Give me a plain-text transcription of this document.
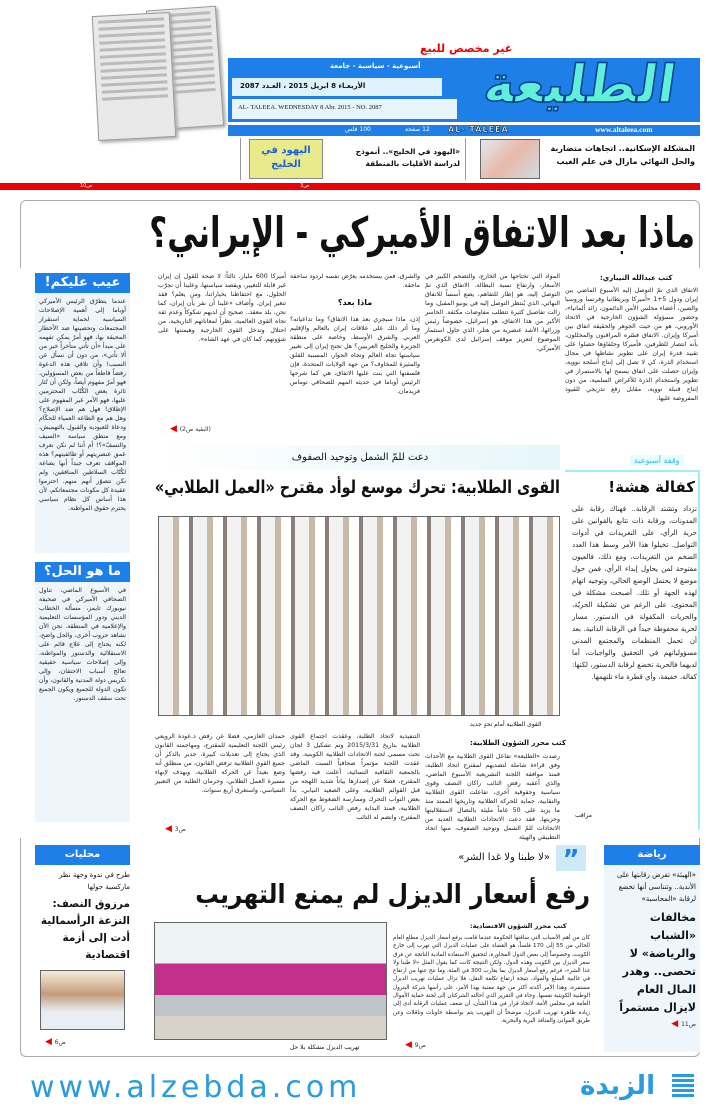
غير مخصص للبيع
أسبوعية - سياسية - جامعة
الأربعـاء 8 ابريل 2015 ، العـدد 2087
AL- TALEEA. WEDNESDAY 8 Abr. 2015 - NO. 2087	الطليعة
100 فلس	12 صفحة AL- TALEEA	www.altaleea.com
المشكلة الإسكانية.. اتجاهات متضاربة والحل النهائي مازال في علم الغيب
«اليهود في الخليج».. أنموذج لدراسة الأقليات بالمنطقة
اليهود في الخليج
ص3
ص10
ماذا بعد الاتفاق الأميركي - الإيراني؟
كتب عبدالله النيباري:
الاتفاق الذي تمّ التوصل إليه الأسبوع الماضي بين إيران ودول 5+1 «أميركا وبريطانيا وفرنسا وروسيا والصين، أعضاء مجلس الأمن الدائمون، زائد ألمانيا»، وحضور مسؤولة الشؤون الخارجية في الاتحاد الأوروبي، هو من حيث الجوهر والحقيقة اتفاق بين أميركا وإيران. الاتفاق فسّره المراقبون والمحللون، بأنه انتصار للطرفين، فأميركا وحلفاؤها حصلوا على تقييد قدرة إيران على تطوير نشاطها في مجال استخدام الذرة، كي لا تصل إلى إنتاج أسلحة نووية، وإيران حصلت على اتفاق يسمح لها بالاستمرار في تطوير واستخدام الذرة للأغراض السلمية، من دون إنتاج قنبلة نووية، مقابل رفع تدريجي للقيود المفروضة عليها.
المواد التي تحتاجها من الخارج، والتضخم الكبير في الأسعار، وارتفاع نسبة البطالة. الاتفاق الذي تمّ التوصل إليه، هو إطار للتفاهم، يضع أسساً للاتفاق النهائي، الذي يُنتظر التوصل إليه في يونيو المقبل، وما زالت تفاصيل كثيرة تتطلب مفاوضات مكثفة. الخاسر الأكبر من هذا الاتفاق، هو إسرائيل، خصوصاً رئيس وزرائها، الأشد عنصرية من هتلر، الذي حاول استثمار الموضوع لتعزيز موقف إسرائيل لدى الكونغرس الأميركي.
والشرق، فمن يستخدمه يعرّض نفسه لردود ساحقة ماحقة.
ماذا بعد؟
إذن، ماذا سيجري بعد هذا الاتفاق؟ وما تداعياته؟ وما أثر ذلك على علاقات إيران بالعالم والإقليم العربي والشرق الأوسط، وخاصة على منطقة الجزيرة والخليج العربيين؟ هل تجنح إيران إلى تغيير سياستها تجاه العالم وتجاه الجوار، المسببة للقلق والمثيرة للمخاوف؟ من جهة الولايات المتحدة، فإن فلسفتها التي بنت عليها الاتفاق، هي كما شرحها الرئيس أوباما في حديثه المهم للصحافي توماس فريدمان.
أميركا 600 مليار. ثالثاً: لا صحة للقول إن إيران غير قابلة للتغيير، ويقصد سياستها، وعلينا أن نجرّب الحلول، مع احتفاظنا بخياراتنا، ومن يعلم؟ فقد تتغير إيران. وأضاف «علينا أن نقر بأن إيران، كما نحن، بلد معقد.. صحيح أن لديهم شكوكاً وعدم ثقة تجاه القوى العالمية، نظراً لمعاناتهم التاريخية، من احتلال وتدخل القوى الخارجية وهيمنتها على شؤونهم، كما كان في عهد الشاه».
(البقية ص2) ◀
عيب عليكم!
عندما يتطرّق الرئيس الأميركي أوباما إلى أهمية الإصلاحات السياسية لحماية استقرار المجتمعات وتحصينها ضد الأخطار المحيقة بها، فهو أمرٌ يمكن تفهمه على مبدأ «أن تأتي متأخراً خير من ألا تأتي»، من دون أن نسأل عن السبب! وأن تلاقي هذه الدعوة رفضاً قاطعاً من بعض المسؤولين، فهو أمرٌ مفهوم أيضاً، ولكن أن تُثار ثائرة بعض الكُتّاب المحترمين عليها، فهو الأمر غير المفهوم على الإطلاق! فهل هم ضد الإصلاح؟ وهل هم مع الطاعة العمياء للحكّام ودعاة للعبودية والقبول بالتهميش، ومع منطق سياسة «السيف والتسفّ»؟! أم أننا لم نكن نعرف عمق عنصريتهم أو طائفيتهم؟ هذه المواقف تعرف جيداً أنها بضاعة لكُتّاب السلاطين المنافقين، ولم نكن نتصوّر أنهم منهم. احترموا عقيدة كل مكونات مجتمعاتكم، لأن هذا أساس كل نظام سياسي يحترم حقوق المواطنة.
ما هو الحل؟
في الأسبوع الماضي، تناول الصحافي الأميركي في صحيفة نيويورك تايمز، مسألة الخطاب الديني ودور المؤسسات التعليمية والإعلامية في المنطقة. نحن الآن نشاهد حروب أخرى، والحل واضح، لكنه يحتاج إلى علاج قائم على الاستقلالية والدستور والمواطنة، وإلى إصلاحات سياسية حقيقية تعالج أسباب الاحتقان، وإلى تكريس دولة المدنية والقانون، وأن تكون الدولة للجميع ويكون الجميع تحت سقف الدستور.
وقفة أسبوعية
كفالة هشة!
تزداد وتشتد الرقابة.. فهناك رقابة على المدونات، ورقابة ذات تتابع بالقوانين على حرية الرأي، على التغريدات في أدوات التواصل. تخيلوا هذا الأمر وسط هذا العدد الضخم من التغريدات، ومع ذلك، فالعيون مفتوحة لمن يحاول إبداء الرأي، فمن حول موضع لا يحتمل الوضع الحالي، وتوجيه اتهام لهذه الجهة أو تلك. أصبحت مشكلة في المحتوى، على الرغم من تشكيلة الحريّة، والحريات المكفولة في الدستور. مسار لحرية محفوظة جيداً في الرقابة الذاتية. بعد أن تحمل المنظمات والمجتمع المدني مسؤولياتهم في التحقيق والواجبات، أما لديهما فالحرية تخضع لرقابة الدستور، لكنها: كفالة، خفيفة، وأي قطرة ماء تلتهمها.
مراقب
دعت للمّ الشمل وتوحيد الصفوف
القوى الطلابية: تحرك موسع لوأد مقترح «العمل الطلابي»
القوى الطلابية أمام تحدٍ جديد
كتب محرر الشؤون الطلابية:
رصدت «الطليعة» تفاعل القوى الطلابية مع الأحداث وفق قراءة شاملة لتصديهم لمقترح اتحاد الطلبة، فمنذ موافقة اللجنة التشريعية الأسبوع الماضي، والذي أعقبه رفض النائب راكان النصف وقوى سياسية وحقوقية أخرى، تفاعلت القوى الطلابية والنقابية، حماية للحركة الطلابية وتاريخها الممتد منذ ما يزيد على 50 عاماً مليئة بالنضال لاستقلاليتها وحريتها. فقد دعت الاتحادات الطلابية العديد من الاتحادات للمّ الشمل وتوحيد الصفوف، منها اتحاد التطبيقي والهيئة
التنفيذية لاتحاد الطلبة، وعقدت اجتماع القوى الطلابية بتاريخ 2015/3/31 وتم تشكيل 3 لجان تحت مسمى لجنة الاتحادات الطلابية الكويتية. وقد عقدت اللجنة مؤتمراً صحافياً السبت الماضي بالجمعية الثقافية النسائية، أعلنت فيه رفضها المقترح، فضلا عن إصدارها بياناً شديد اللهجة من قبل القوائم الطلابية. وعلى الصعيد النيابي، بدأ بعض النواب التحرك وممارسة الضغوط مع الحركة الطلابية، فمنذ البداية رفض النائب راكان النصف المقترح، وانضم له النائب
حمدان العازمي، فضلا عن رفض د.عودة الرويعي رئيس اللجنة التعليمية للمقترح، ومهاجمته القانون الذي يحتاج إلى تعديلات كبيرة، جدير بالذكر أن جميع القوى الطلابية ترفض القانون، من منطلق أنه وضع بعيداً عن الحركة الطلابية، ويهدف لإنهاء مسيرة العمل الطلابي، وحرمان الطلبة من التعبير السياسي. واستغرق أربع سنوات.
ص3 ◀
رياضة
«الهيئة» تفرض رقابتها على الأندية.. وتتناسى أنها تخضع لرقابة «المحاسبة»
مخالفات «الشباب والرياضة» لا تحصى.. وهدر المال العام لايزال مستمراً
ص11 ◀
”
«لا طبنا ولا غدا الشر»
رفع أسعار الديزل لم يمنع التهريب
كتب محرر الشؤون الاقتصادية:
كان من أهم الأسباب التي ساقتها الحكومة عندما قامت برفع أسعار الديزل مطلع العام الحالي من 55 إلى 170 فلساً، هو القضاء على عمليات الديزل التي تهرب إلى خارج الكويت، وخصوصاً إلى بعض الدول المجاورة، لتحقيق الاستفادة المادية الناتجة عن فرق سعر الديزل بين الكويت وهذه الدول، ولكن النتيجة كانت كما يقول المثل «لا طبنا ولا غدا الشر»، فرغم رفع أسعار الديزل بما يقارب 300 في المئة، وما نتج عنها من ارتفاع في غالبية السلع والمواد، نتيجة ارتفاع تكلفة النقل، فلا تزال عمليات تهريب الديزل مستمرة، وهذا الأمر أكدته أكثر من جهة معنية بهذا الأمر، على رأسها شركة البترول الوطنية الكويتية نفسها. وجاء في التقرير الذي أحالته الشركتان إلى لجنة حماية الأموال العامة في مجلس الأمة، لاتخاذ قرار في هذا الشأن، أن ضعف عمليات الرقابة أدى إلى زيادة ظاهرة تهريب الديزل، موضحاً أن التهريب يتم بواسطة حاويات وناقلات وعن طريق الموانئ والمنافذ البرية والبحرية.
ص9 ◀
تهريب الديزل مشكلة بلا حل
محليات
طرح في ندوة وجهة نظر ماركسية حولها
مرزوق النصف: النزعة الرأسمالية أدت إلى أزمة اقتصادية
ص6 ◀
www.alzebda.com	الزبدة
